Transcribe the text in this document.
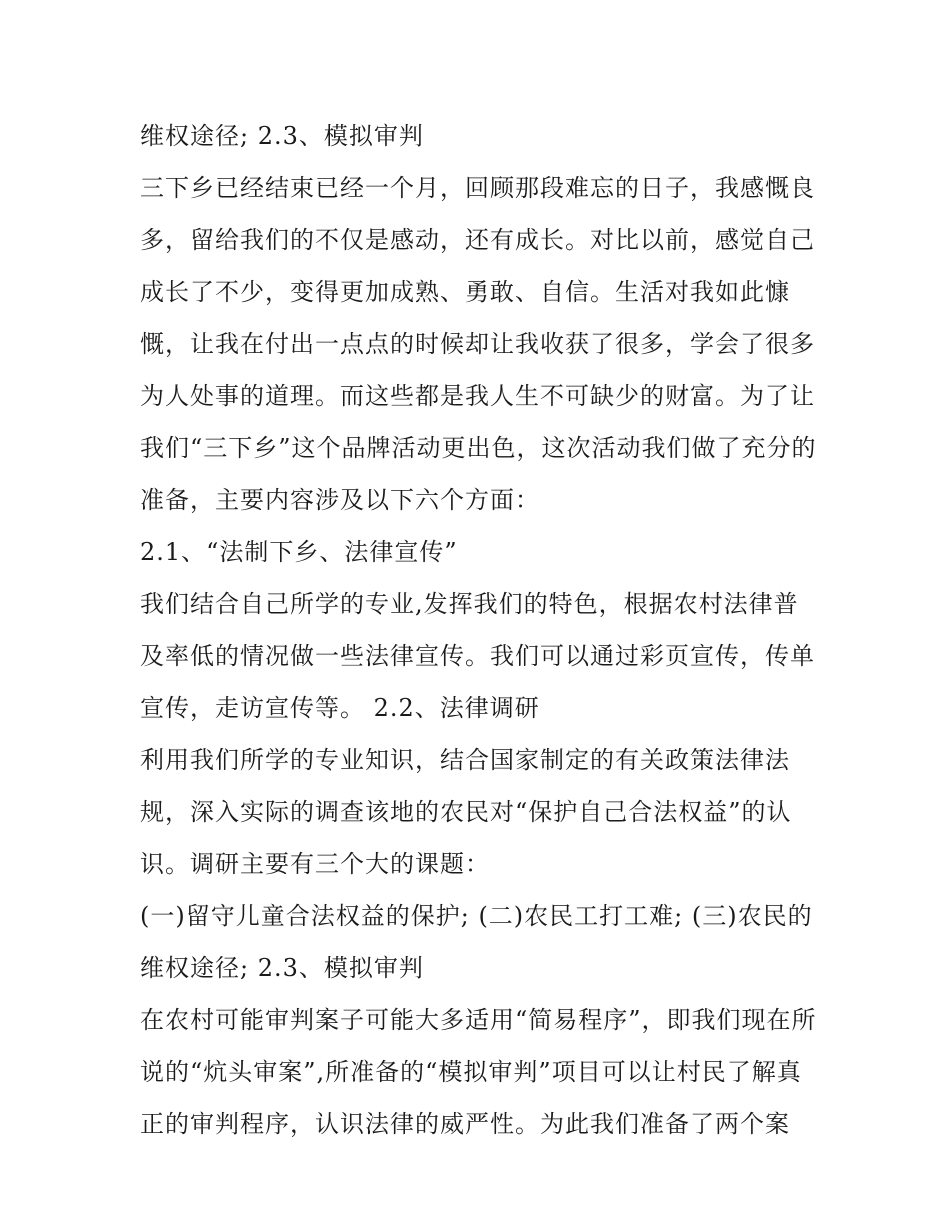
维权途径; 2.3、模拟审判
三下乡已经结束已经一个月，回顾那段难忘的日子，我感慨良
多，留给我们的不仅是感动，还有成长。对比以前，感觉自己
成长了不少，变得更加成熟、勇敢、自信。生活对我如此慷
慨，让我在付出一点点的时候却让我收获了很多，学会了很多
为人处事的道理。而这些都是我人生不可缺少的财富。为了让
我们“三下乡”这个品牌活动更出色，这次活动我们做了充分的
准备，主要内容涉及以下六个方面：
2.1、“法制下乡、法律宣传”
我们结合自己所学的专业,发挥我们的特色，根据农村法律普
及率低的情况做一些法律宣传。我们可以通过彩页宣传，传单
宣传，走访宣传等。 2.2、法律调研
利用我们所学的专业知识，结合国家制定的有关政策法律法
规，深入实际的调查该地的农民对“保护自己合法权益”的认
识。调研主要有三个大的课题：
(一)留守儿童合法权益的保护; (二)农民工打工难; (三)农民的
维权途径; 2.3、模拟审判
在农村可能审判案子可能大多适用“简易程序”，即我们现在所
说的“炕头审案”,所准备的“模拟审判”项目可以让村民了解真
正的审判程序，认识法律的威严性。为此我们准备了两个案
